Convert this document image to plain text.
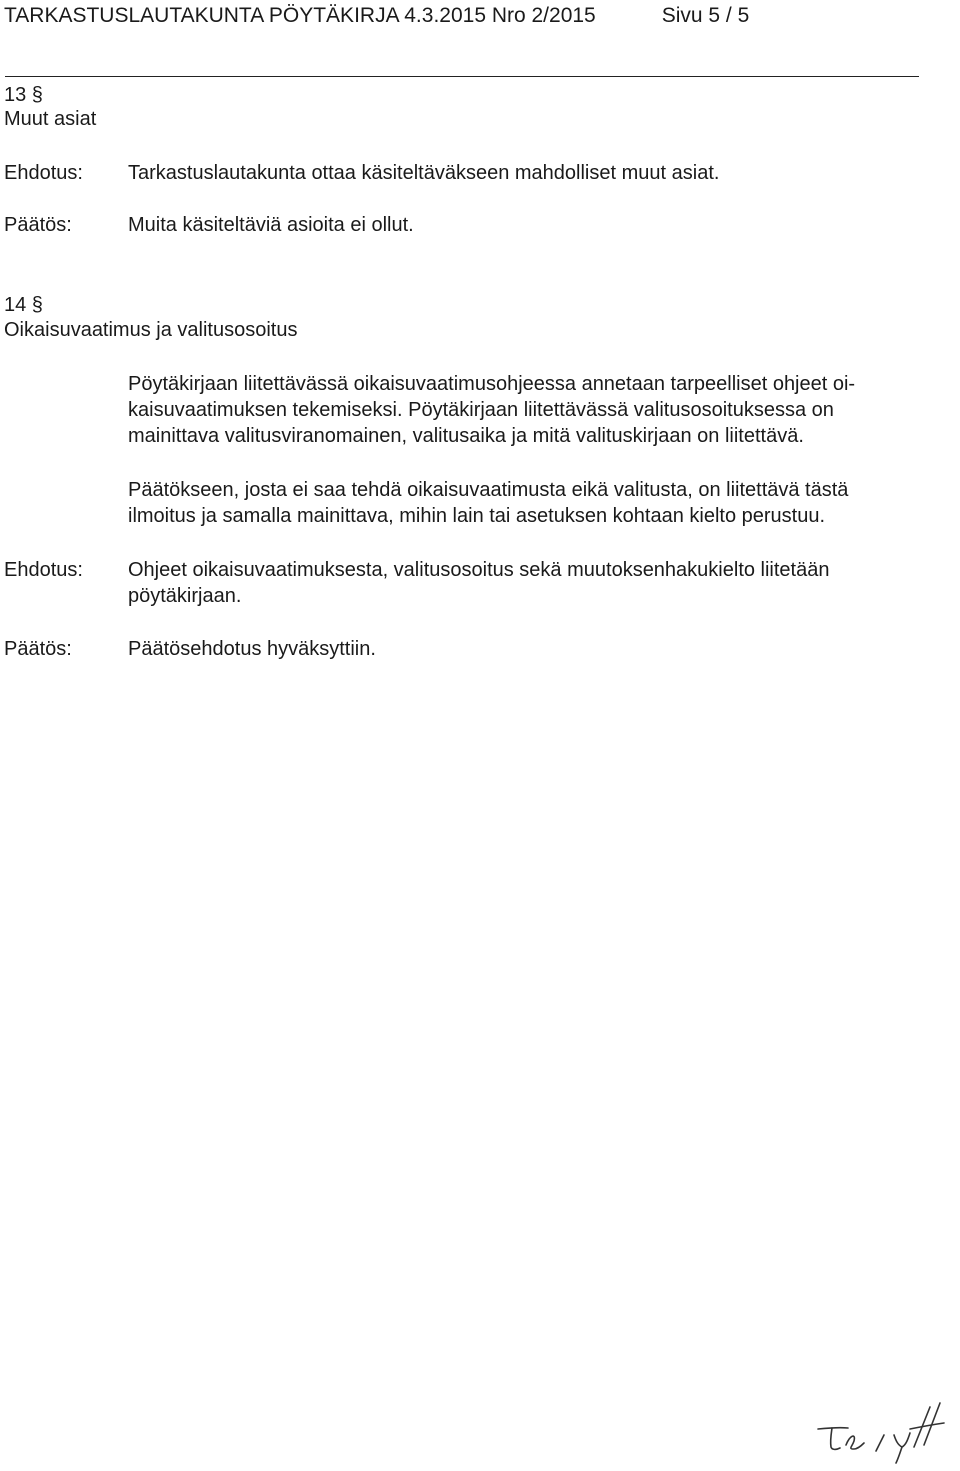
TARKASTUSLAUTAKUNTA PÖYTÄKIRJA 4.3.2015 Nro 2/2015	Sivu 5 / 5
13 §
Muut asiat
Ehdotus: Tarkastuslautakunta ottaa käsiteltäväkseen mahdolliset muut asiat.
Päätös:	Muita käsiteltäviä asioita ei ollut.
14 §
Oikaisuvaatimus ja valitusosoitus
Pöytäkirjaan liitettävässä oikaisuvaatimusohjeessa annetaan tarpeelliset ohjeet oi-
kaisuvaatimuksen tekemiseksi. Pöytäkirjaan liitettävässä valitusosoituksessa on
mainittava valitusviranomainen, valitusaika ja mitä valituskirjaan on liitettävä.
Päätökseen, josta ei saa tehdä oikaisuvaatimusta eikä valitusta, on liitettävä tästä
ilmoitus ja samalla mainittava, mihin lain tai asetuksen kohtaan kielto perustuu.
Ehdotus: Ohjeet oikaisuvaatimuksesta, valitusosoitus sekä muutoksenhakukielto liitetään
pöytäkirjaan.
Päätös:	Päätösehdotus hyväksyttiin.
